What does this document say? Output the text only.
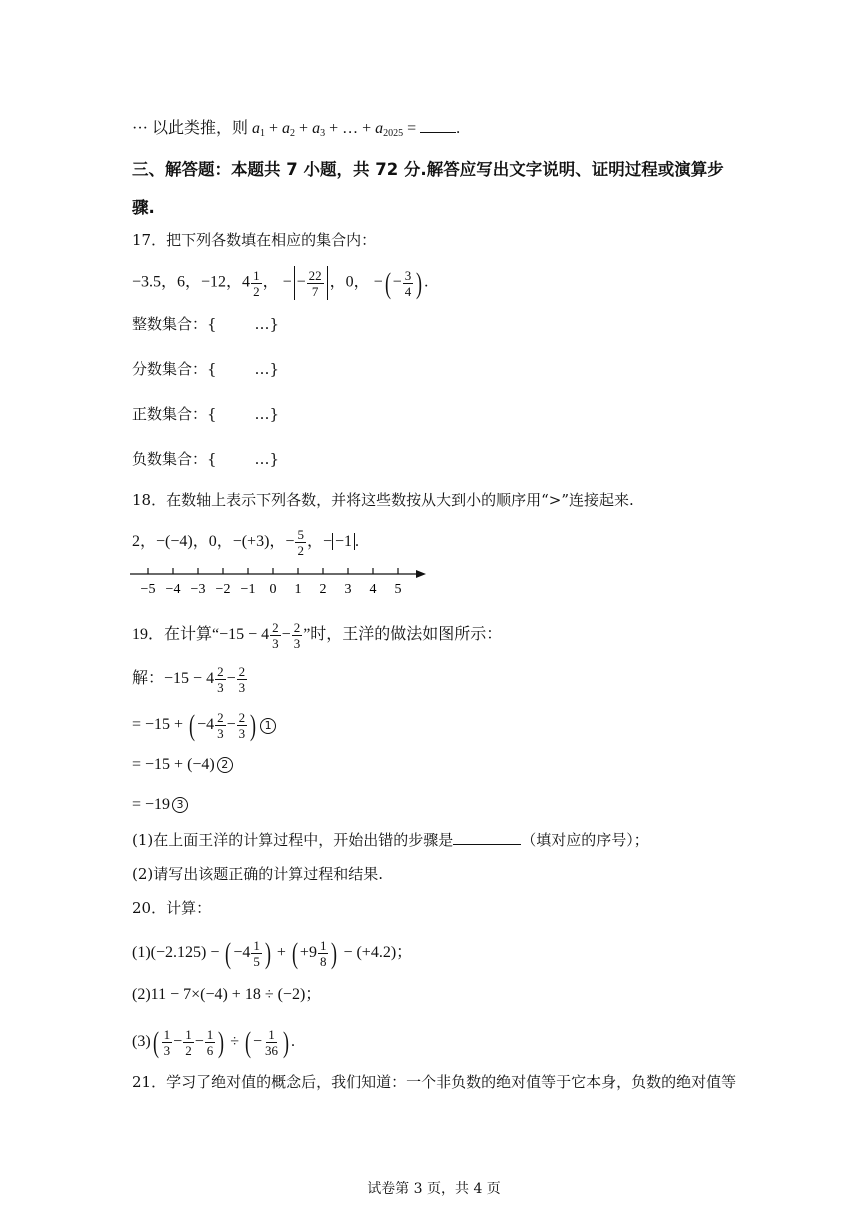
··· 以此类推，则 $a_1 + a_2 + a_3$ + … + $a_{2025}$ = .
三、解答题：本题共 7 小题，共 72 分.解答应写出文字说明、证明过程或演算步
骤.
17．把下列各数填在相应的集合内：
−3.5，6，−12，$4 \frac{1}{2}$ ， − − $\frac{22}{7}$ ，0， −( − $\frac{3}{4}$ ) .
整数集合：{	…}
分数集合：{	…}
正数集合：{	…}
负数集合：{	…}
18．在数轴上表示下列各数，并将这些数按从大到小的顺序用“>”连接起来.
2，−(−4)，0，−(+3)，− $\frac{5}{2}$ ，− −1 .
−5 −4 −3 −2 −1 0 1 2 3 4 5
19．在计算“$-15 - 4 \frac{2}{3} - \frac{2}{3}$ ”时，王洋的做法如图所示：
解：$-15 - 4 \frac{2}{3} - \frac{2}{3}$
= −15 + ( $-4 \frac{2}{3} - \frac{2}{3}$ ) 1
= −15 + (−4) 2
= −19 3
(1)在上面王洋的计算过程中，开始出错的步骤是	（填对应的序号）；
(2)请写出该题正确的计算过程和结果.
20．计算：
(1)(−2.125) − ( $-4 \frac{1}{5}$ ) + ( $+9 \frac{1}{8}$ ) − (+4.2)；
(2)11 − 7×(−4) + 18 ÷ (−2)；
$(3)( \frac{1}{3} - \frac{1}{2} - \frac{1}{6}$ ) ÷ ( − $\frac{1}{36}$ ) .
21．学习了绝对值的概念后，我们知道：一个非负数的绝对值等于它本身，负数的绝对值等
试卷第 3 页，共 4 页
